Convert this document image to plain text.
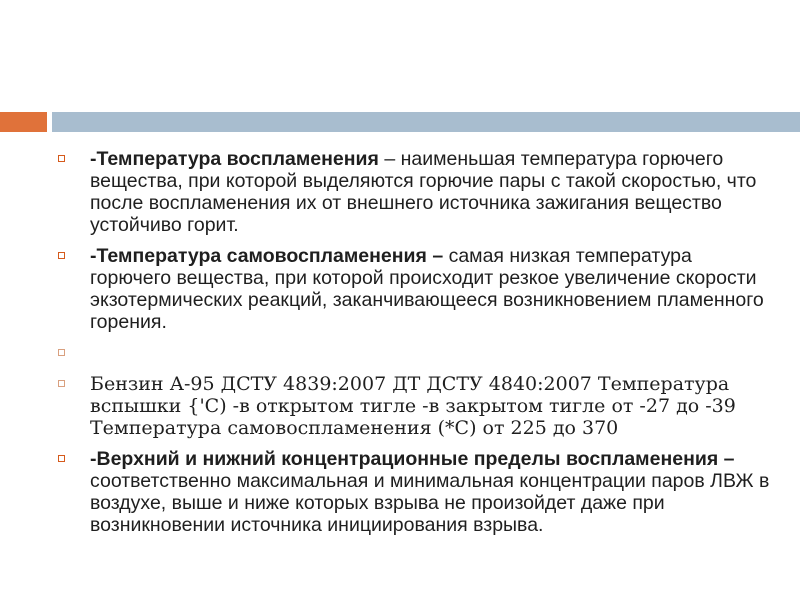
-Температура воспламенения – наименьшая температура горючего вещества, при которой выделяются горючие пары с такой скоростью, что после воспламенения их от внешнего источника зажигания вещество устойчиво горит.
-Температура самовоспламенения – самая низкая температура горючего вещества, при которой происходит резкое увеличение скорости экзотермических реакций, заканчивающееся возникновением пламенного горения.
Бензин А-95 ДСТУ 4839:2007 ДТ ДСТУ 4840:2007 Температура вспышки {'C) -в открытом тигле -в закрытом тигле от -27 до -39 Температура самовоспламенения (*С) от 225 до 370
-Верхний и нижний концентрационные пределы воспламенения – соответственно максимальная и минимальная концентрации паров ЛВЖ в воздухе, выше и ниже которых взрыва не произойдет даже при возникновении источника инициирования взрыва.
